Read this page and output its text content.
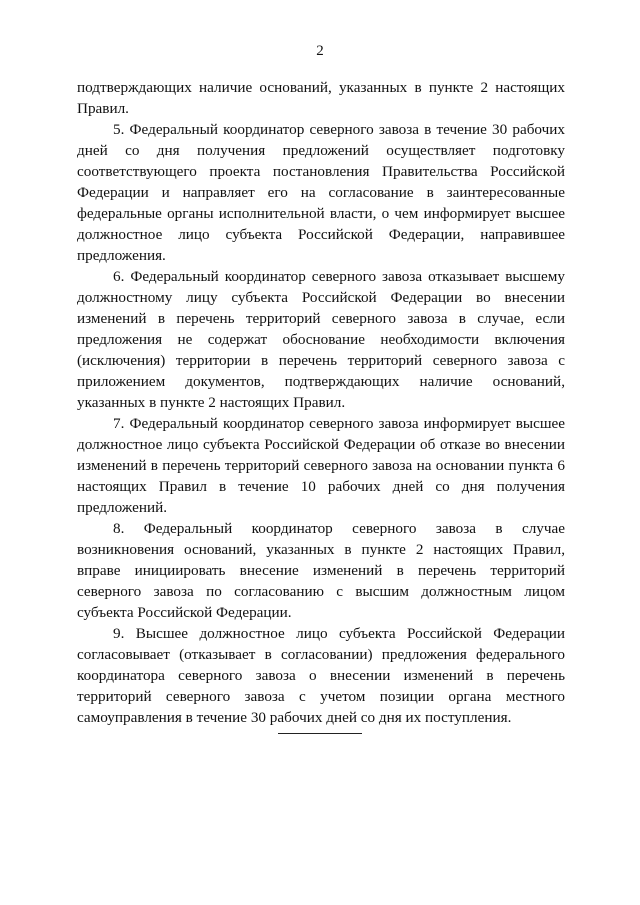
2

подтверждающих наличие оснований, указанных в пункте 2 настоящих Правил.

5. Федеральный координатор северного завоза в течение 30 рабочих дней со дня получения предложений осуществляет подготовку соответствующего проекта постановления Правительства Российской Федерации и направляет его на согласование в заинтересованные федеральные органы исполнительной власти, о чем информирует высшее должностное лицо субъекта Российской Федерации, направившее предложения.

6. Федеральный координатор северного завоза отказывает высшему должностному лицу субъекта Российской Федерации во внесении изменений в перечень территорий северного завоза в случае, если предложения не содержат обоснование необходимости включения (исключения) территории в перечень территорий северного завоза с приложением документов, подтверждающих наличие оснований, указанных в пункте 2 настоящих Правил.

7. Федеральный координатор северного завоза информирует высшее должностное лицо субъекта Российской Федерации об отказе во внесении изменений в перечень территорий северного завоза на основании пункта 6 настоящих Правил в течение 10 рабочих дней со дня получения предложений.

8. Федеральный координатор северного завоза в случае возникновения оснований, указанных в пункте 2 настоящих Правил, вправе инициировать внесение изменений в перечень территорий северного завоза по согласованию с высшим должностным лицом субъекта Российской Федерации.

9. Высшее должностное лицо субъекта Российской Федерации согласовывает (отказывает в согласовании) предложения федерального координатора северного завоза о внесении изменений в перечень территорий северного завоза с учетом позиции органа местного самоуправления в течение 30 рабочих дней со дня их поступления.
